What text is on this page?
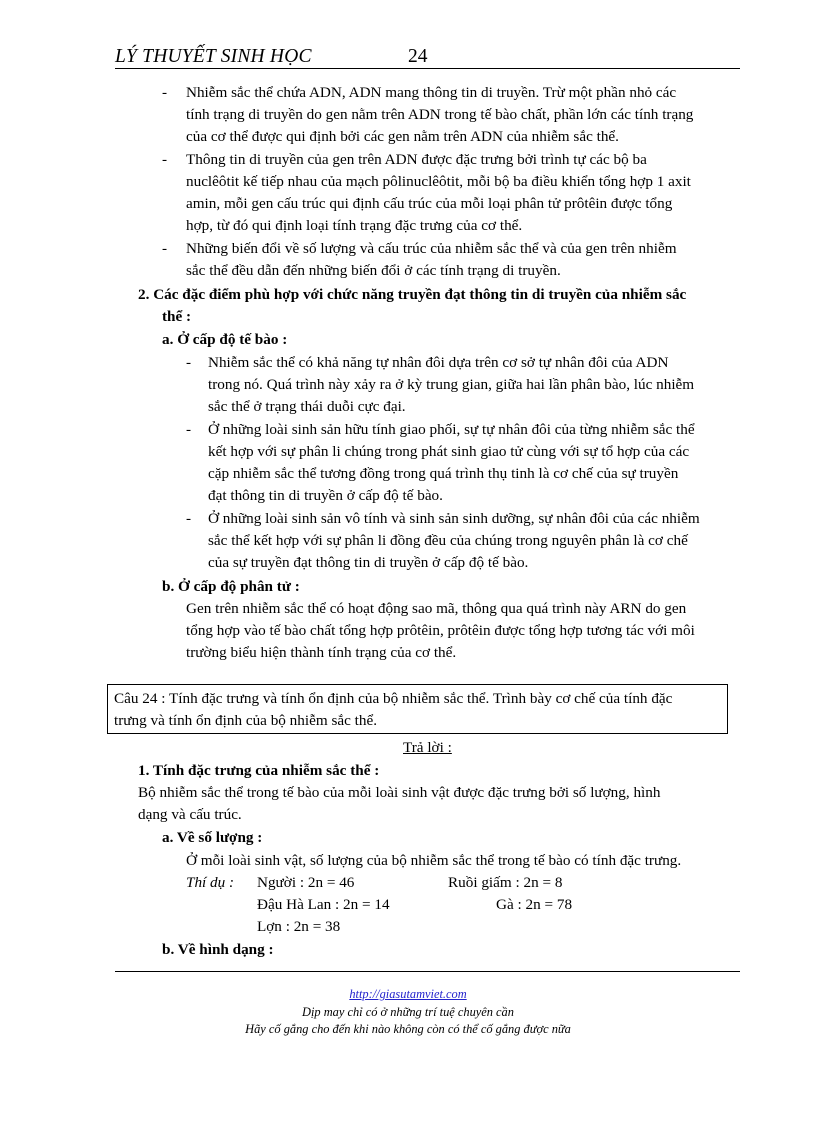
LÝ THUYẾT SINH HỌC	24
- Nhiễm sắc thể chứa ADN, ADN mang thông tin di truyền. Trừ một phần nhỏ các
tính trạng di truyền do gen nằm trên ADN trong tế bào chất, phần lớn các tính trạng
của cơ thể được qui định bởi các gen nằm trên ADN của nhiễm sắc thể.
- Thông tin di truyền của gen trên ADN được đặc trưng bởi trình tự các bộ ba
nuclêôtit kế tiếp nhau của mạch pôlinuclêôtit, mỗi bộ ba điều khiển tổng hợp 1 axit
amin, mỗi gen cấu trúc qui định cấu trúc của mỗi loại phân tử prôtêin được tổng
hợp, từ đó qui định loại tính trạng đặc trưng của cơ thể.
- Những biến đổi về số lượng và cấu trúc của nhiễm sắc thể và của gen trên nhiễm
sắc thể đều dẫn đến những biến đổi ở các tính trạng di truyền.
2. Các đặc điểm phù hợp với chức năng truyền đạt thông tin di truyền của nhiễm sắc
thể :
a. Ở cấp độ tế bào :
- Nhiễm sắc thể có khả năng tự nhân đôi dựa trên cơ sở tự nhân đôi của ADN
trong nó. Quá trình này xảy ra ở kỳ trung gian, giữa hai lần phân bào, lúc nhiễm
sắc thể ở trạng thái duỗi cực đại.
- Ở những loài sinh sản hữu tính giao phối, sự tự nhân đôi của từng nhiễm sắc thể
kết hợp với sự phân li chúng trong phát sinh giao tử cùng với sự tổ hợp của các
cặp nhiễm sắc thể tương đồng trong quá trình thụ tinh là cơ chế của sự truyền
đạt thông tin di truyền ở cấp độ tế bào.
- Ở những loài sinh sản vô tính và sinh sản sinh dưỡng, sự nhân đôi của các nhiễm
sắc thể kết hợp với sự phân li đồng đều của chúng trong nguyên phân là cơ chế
của sự truyền đạt thông tin di truyền ở cấp độ tế bào.
b. Ở cấp độ phân tử :
Gen trên nhiễm sắc thể có hoạt động sao mã, thông qua quá trình này ARN do gen
tổng hợp vào tế bào chất tổng hợp prôtêin, prôtêin được tổng hợp tương tác với môi
trường biểu hiện thành tính trạng của cơ thể.
Câu 24 : Tính đặc trưng và tính ổn định của bộ nhiễm sắc thể. Trình bày cơ chế của tính đặc
trưng và tính ổn định của bộ nhiễm sắc thể.
Trả lời :
1. Tính đặc trưng của nhiễm sắc thể :
Bộ nhiễm sắc thể trong tế bào của mỗi loài sinh vật được đặc trưng bởi số lượng, hình
dạng và cấu trúc.
a. Về số lượng :
Ở mỗi loài sinh vật, số lượng của bộ nhiễm sắc thể trong tế bào có tính đặc trưng.
Thí dụ : Người : 2n = 46	Ruồi giấm : 2n = 8
Đậu Hà Lan : 2n = 14	Gà : 2n = 78
Lợn : 2n = 38
b. Về hình dạng :
http://giasutamviet.com
Dịp may chỉ có ở những trí tuệ chuyên cần
Hãy cố gắng cho đến khi nào không còn có thể cố gắng được nữa
